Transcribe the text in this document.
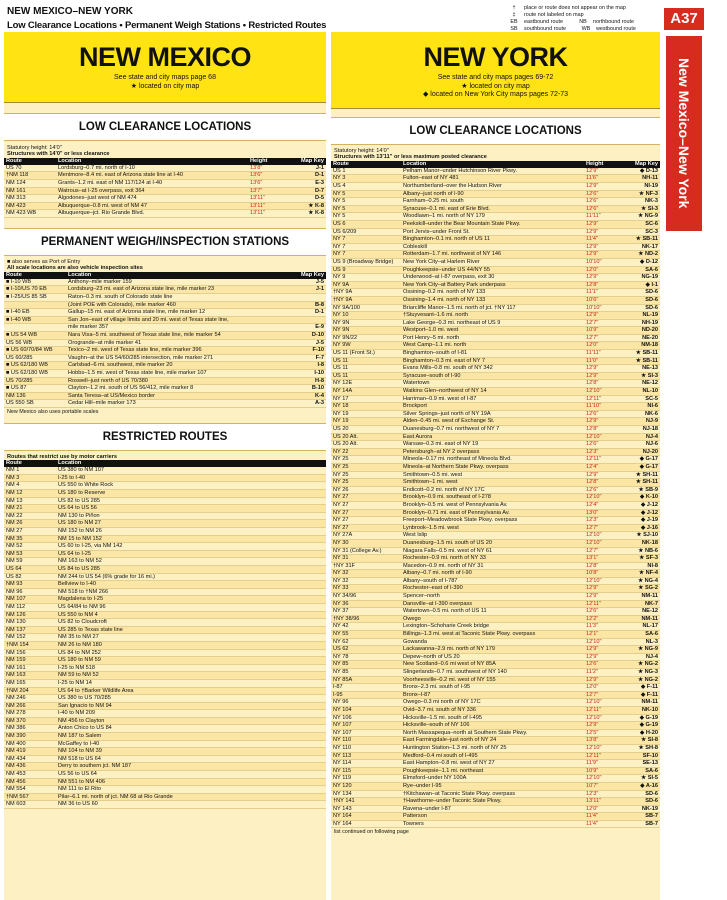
NEW MEXICO–NEW YORK
Low Clearance Locations • Permanent Weigh Stations • Restricted Routes
†	place or route does not appear on the map
‡	route not labeled on map
EB	eastbound route	NB	northbound route
SB	southbound route	WB	westbound route
A37
New Mexico–New York
NEW MEXICO
See state and city maps page 68
★ located on city map
LOW CLEARANCE LOCATIONS
Statutory height: 14'0"
Structures with 14'0" or less clearance
Route	Location	Height	Map Key
US 70	Lordsburg–0.7 mi. north of I-10	13'8"	J-1
†NM 118	Mentmore–8.4 mi. east of Arizona state line at I-40	13'6"	D-1
NM 124	Grants–1.2 mi. east of NM 117/124 at I-40	13'6"	E-3
NM 161	Watrous–at I-25 overpass, exit 364	13'7"	D-7
NM 313	Algodones–just west of NM 474	13'11"	D-5
NM 423	Albuquerque–0.8 mi. west of NM 47	13'11"	★ K-8
NM 423 WB	Albuquerque–jct. Rio Grande Blvd.	13'11"	★ K-8
PERMANENT WEIGH/INSPECTION STATIONS
■ also serves as Port of Entry
All scale locations are also vehicle inspection sites
Route	Location	Map Key
■ I-10 WB	Anthony–mile marker 159	J-5
■ I-10/US 70 EB	Lordsburg–23 mi. east of Arizona state line, mile marker 23	J-1
■ I-25/US 85 SB	Raton–0.3 mi. south of Colorado state line	
	(Joint POE with Colorado), mile marker 460	B-8
■ I-40 EB	Gallup–15 mi. east of Arizona state line, mile marker 12	D-1
■ I-40 WB	San Jon–east of village limits and 20 mi. west of Texas state line,	
	mile marker 357	E-9
■ US 54 WB	Nara Visa–5 mi. southwest of Texas state line, mile marker 54	D-10
US 56 WB	Orogrande–at mile marker 41	J-5
■ US 60/70/84 WB	Texico–2 mi. west of Texas state line, mile marker 396	F-10
US 60/285	Vaughn–at the US 54/60/285 intersection, mile marker 271	F-7
■ US 62/180 WB	Carlsbad–6 mi. southwest, mile marker 20	I-8
■ US 62/180 WB	Hobbs–1.5 mi. west of Texas state line, mile marker 107	I-10
US 70/285	Roswell–just north of US 70/380	H-8
■ US 87	Clayton–1.2 mi. south of US 56/412, mile marker 8	B-10
NM 136	Santa Teresa–at US/Mexico border	K-4
US 550 SB	Cedar Hill–mile marker 173	A-3
New Mexico also uses portable scales
RESTRICTED ROUTES
Routes that restrict use by motor carriers
Route	Location
NM 1	US 380 to NM 107
NM 3	I-25 to I-40
NM 4	US 550 to White Rock
NM 12	US 180 to Reserve
NM 13	US 82 to US 285
NM 21	US 64 to US 56
NM 22	NM 130 to Piñon
NM 26	US 180 to NM 27
NM 27	NM 152 to NM 26
NM 35	NM 15 to NM 152
NM 52	US 60 to I-25, via NM 142
NM 53	US 64 to I-25
NM 59	NM 163 to NM 52
US 64	US 84 to US 285
US 82	NM 244 to US 54 (6% grade for 16 mi.)
NM 93	Bellview to I-40
NM 96	NM 518 to †NM 266
NM 107	Magdalena to I-25
NM 112	US 64/84 to NM 96
NM 126	US 550 to NM 4
NM 130	US 82 to Cloudcroft
NM 137	US 285 to Texas state line
NM 152	NM 35 to NM 27
†NM 154	NM 26 to NM 180
NM 156	US 84 to NM 252
NM 159	US 180 to NM 59
NM 161	I-25 to NM 518
NM 163	NM 59 to NM 52
NM 165	I-25 to NM 14
†NM 204	US 64 to †Barker Wildlife Area
NM 246	US 380 to US 70/285
NM 266	San Ignacio to NM 94
NM 278	I-40 to NM 209
NM 370	NM 456 to Clayton
NM 386	Anton Chico to US 84
NM 390	NM 187 to Salem
NM 400	McGaffey to I-40
NM 419	NM 104 to NM 39
NM 434	NM 518 to US 64
NM 436	Derry to southern jct. NM 187
NM 453	US 56 to US 64
NM 456	NM 551 to NM 406
NM 554	NM 111 to El Rito
†NM 567	Pilar–6.1 mi. north of jct. NM 68 at Rio Grande
NM 603	NM 36 to US 60
NEW YORK
See state and city maps pages 69-72
★ located on city map
◆ located on New York City maps pages 72-73
LOW CLEARANCE LOCATIONS
Statutory height: 14'0"
Structures with 13'11" or less maximum posted clearance
Route	Location	Height	Map Key
US 1	Pelham Manor–under Hutchinson River Pkwy.	12'9"	◆ D-13
NY 3	Fulton–east of NY 481	11'6"	NH-11
US 4	Northumberland–over the Hudson River	12'9"	NI-19
NY 5	Albany–just north of I-90	12'6"	★ NF-3
NY 5	Farnham–0.25 mi. south	12'6"	NK-3
NY 5	Syracuse–0.1 mi. east of Erie Blvd.	12'6"	★ SI-3
NY 5	Woodlawn–1 mi. north of NY 179	11'11"	★ NG-9
US 6	Peekskill–under the Bear Mountain State Pkwy.	12'9"	SC-6
US 6/209	Port Jervis–under Front St.	12'9"	SC-3
NY 7	Binghamton–0.1 mi. north of US 11	11'4"	★ SB-11
NY 7	Cobleskill	12'9"	NK-17
NY 7	Rotterdam–1.7 mi. northwest of NY 146	12'9"	★ ND-2
US 9 (Broadway Bridge)	New York City–at Harlem River	10'10"	◆ D-12
US 9	Poughkeepsie–under US 44/NY 55	12'0"	SA-6
NY 9	Underwood–at I-87 overpass, exit 30	12'9"	NG-19
NY 9A	New York City–at Battery Park underpass	12'8"	◆ I-1
†NY 9A	Ossining–0.2 mi. north of NY 133	11'1"	SD-6
†NY 9A	Ossining–1.4 mi. north of NY 133	10'6"	SD-6
NY 9A/100	Briarcliffe Manor–1.5 mi. north of jct. †NY 117	10'10"	SD-6
NY 10	†Stuyvesant–1.6 mi. north	12'9"	NL-19
NY 9N	Lake George–0.3 mi. northeast of US 9	12'7"	NH-19
NY 9N	Westport–1.0 mi. west	10'9"	ND-20
NY 9N/22	Port Henry–5 mi. north	12'7"	NE-20
NY 9W	West Camp–1.1 mi. north	12'0"	NM-18
US 11 (Front St.)	Binghamton–south of I-81	11'11"	★ SB-11
US 11	Binghamton–0.3 mi. east of NY 7	11'0"	★ SB-11
US 11	Evans Mills–0.8 mi. south of NY 342	12'9"	NE-13
US 11	Syracuse–south of I-90	12'9"	★ SI-3
NY 12E	Watertown	12'8"	NE-12
NY 14A	Watkins Glen–northwest of NY 14	12'10"	NL-10
NY 17	Harriman–0.9 mi. west of I-87	12'11"	SC-5
NY 18	Brockport	11'10"	NI-6
NY 19	Silver Springs–just north of NY 19A	12'6"	NK-6
NY 19	Alden–0.45 mi. west of Exchange St.	12'9"	NJ-9
US 20	Duanesburg–0.7 mi. northwest of NY 7	12'8"	NJ-18
US 20 Alt.	East Aurora	12'10"	NJ-4
US 20 Alt.	Warsaw–0.3 mi. east of NY 19	12'6"	NJ-6
NY 22	Petersburgh–at NY 2 overpass	12'3"	NJ-20
NY 25	Mineola–0.17 mi. northeast of Mineola Blvd.	12'11"	◆ G-17
NY 25	Mineola–at Northern State Pkwy. overpass	12'4"	◆ G-17
NY 25	Smithtown–0.5 mi. west	12'9"	★ SH-11
NY 25	Smithtown–1 mi. west	12'8"	★ SH-11
NY 26	Endicott–0.2 mi. north of NY 17C	12'6"	★ SB-9
NY 27	Brooklyn–0.9 mi. southeast of I-278	12'10"	◆ K-10
NY 27	Brooklyn–0.5 mi. west of Pennsylvania Av.	12'4"	◆ J-12
NY 27	Brooklyn–0.71 mi. east of Pennsylvania Av.	13'0"	◆ J-12
NY 27	Freeport–Meadowbrook State Pkwy. overpass	12'3"	◆ J-19
NY 27	Lynbrook–1.5 mi. west	12'7"	◆ J-16
NY 27A	West Islip	12'10"	★ SJ-10
NY 30	Duanesburg–1.5 mi. south of US 20	12'10"	NK-18
NY 31 (College Av.)	Niagara Falls–0.5 mi. west of NY 61	12'7"	★ NB-6
NY 31	Rochester–0.9 mi. north of NY 33	13'1"	★ SF-3
†NY 31F	Macedon–0.9 mi. north of NY 31	12'8"	NI-8
NY 32	Albany–0.7 mi. north of I-90	10'8"	★ NF-4
NY 32	Albany–south of I-787	12'10"	★ NG-4
NY 33	Rochester–east of I-390	12'9"	★ SG-2
NY 34/96	Spencer–north	12'9"	NM-11
NY 36	Dansville–at I-390 overpass	12'11"	NK-7
NY 37	Watertown–0.5 mi. north of US 11	12'6"	NE-12
†NY 38/96	Owego	12'2"	NM-11
NY 42	Lexington–Schoharie Creek bridge	11'3"	NL-17
NY 55	Billings–1.3 mi. west at Taconic State Pkwy. overpass	12'1"	SA-6
NY 62	Gowanda	12'10"	NL-3
US 62	Lackawanna–2.9 mi. north of NY 179	12'9"	★ NG-9
NY 78	Depew–north of US 20	12'9"	NJ-4
NY 85	New Scotland–0.6 mi west of NY 85A	12'6"	★ NG-2
NY 85	Slingerlands–0.7 mi. southwest of NY 140	11'2"	★ NG-3
NY 85A	Voorheesville–0.2 mi. west of NY 155	12'9"	★ NG-2
I-87	Bronx–2.3 mi. south of I-95	12'0"	◆ F-11
I-95	Bronx–I-87	12'7"	◆ F-11
NY 96	Owego–0.3 mi north of NY 17C	12'10"	NM-11
NY 104	Ovid–3.7 mi. south of NY 336	12'11"	NK-10
NY 106	Hicksville–1.5 mi. south of I-495	12'10"	◆ G-19
NY 107	Hicksville–south of NY 106	12'9"	◆ G-19
NY 107	North Massapequa–north at Southern State Pkwy.	12'5"	◆ H-20
NY 110	East Farmingdale–just north of NY 24	13'8"	★ SI-8
NY 110	Huntington Station–1.3 mi. north of NY 25	12'10"	★ SH-8
NY 113	Medford–0.4 mi south of I-495	12'11"	SF-10
NY 114	East Hampton–0.8 mi. west of NY 27	11'9"	SE-13
NY 115	Poughkeepsie–1.1 mi. northeast	10'9"	SA-6
NY 119	Elmsford–under NY 100A	12'10"	★ SI-5
NY 120	Rye–under I-95	10'7"	◆ A-16
NY 134	†Kitchawan–at Taconic State Pkwy. overpass	12'3"	SD-6
†NY 141	†Hawthorne–under Taconic State Pkwy.	13'11"	SD-6
NY 143	Ravena–under I-87	12'0"	NK-19
NY 164	Patterson	11'4"	SB-7
NY 164	Towners	11'4"	SB-7
list continued on following page
